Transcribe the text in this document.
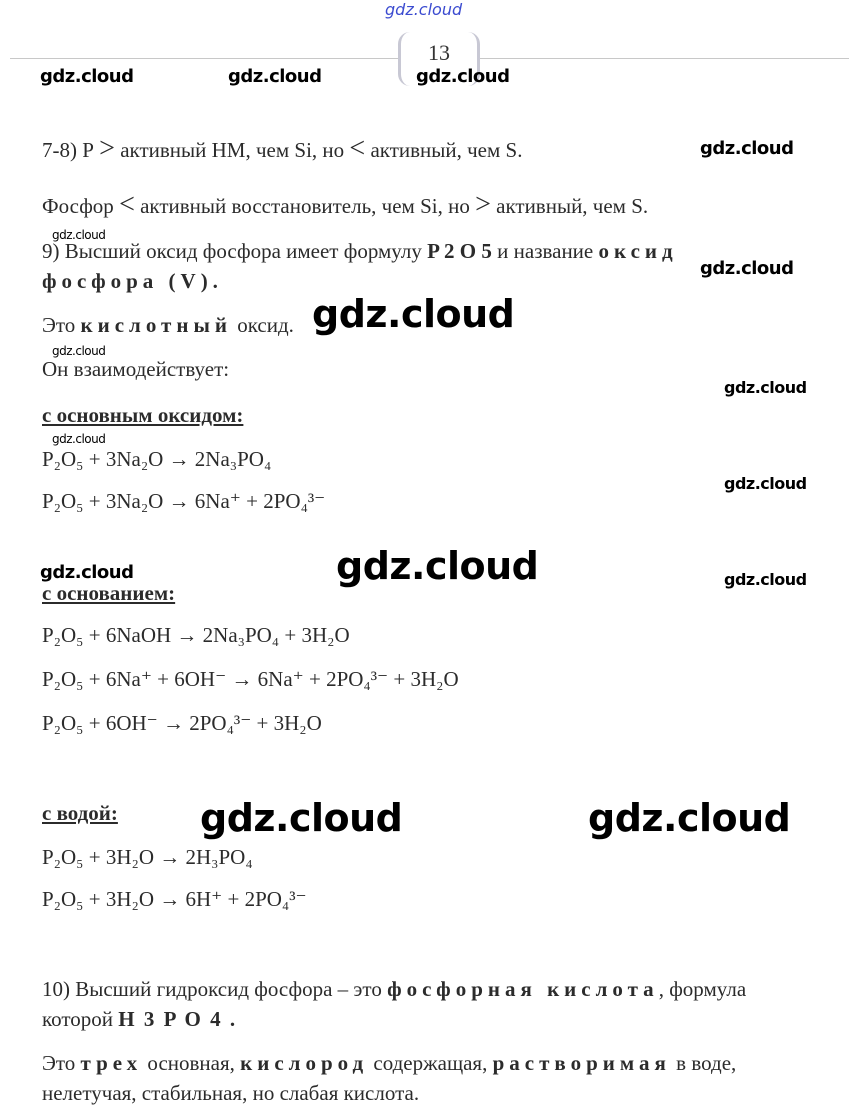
gdz.cloud
13
gdz.cloud	gdz.cloud	gdz.cloud
gdz.cloud
gdz.cloud
gdz.cloud
gdz.cloud
gdz.cloud
gdz.cloud
gdz.cloud
gdz.cloud
7-8) Р > активный НМ, чем Si, но < активный, чем S.
Фосфор < активный восстановитель, чем Si, но > активный, чем S.
9) Высший оксид фосфора имеет формулу P 2 O 5 и название оксид
фосфора (V).
Это кислотный оксид.
Он взаимодействует:
с основным оксидом:
P₂O₅ + 3Na₂O → 2Na₃PO₄
P₂O₅ + 3Na₂O → 6Na⁺ + 2PO₄³⁻
с основанием:
P₂O₅ + 6NaOH → 2Na₃PO₄ + 3H₂O
P₂O₅ + 6Na⁺ + 6OH⁻ → 6Na⁺ + 2PO₄³⁻ + 3H₂O
P₂O₅ + 6OH⁻ → 2PO₄³⁻ + 3H₂O
с водой:
P₂O₅ + 3H₂O → 2H₃PO₄
P₂O₅ + 3H₂O → 6H⁺ + 2PO₄³⁻
10) Высший гидроксид фосфора – это фосфорная кислота, формула
которой H 3 P O 4 .
Это трех основная, кислород содержащая, растворимая в воде,
нелетучая, стабильная, но слабая кислота.
gdz.cloud
gdz.cloud	gdz.cloud
gdz.cloud	gdz.cloud
